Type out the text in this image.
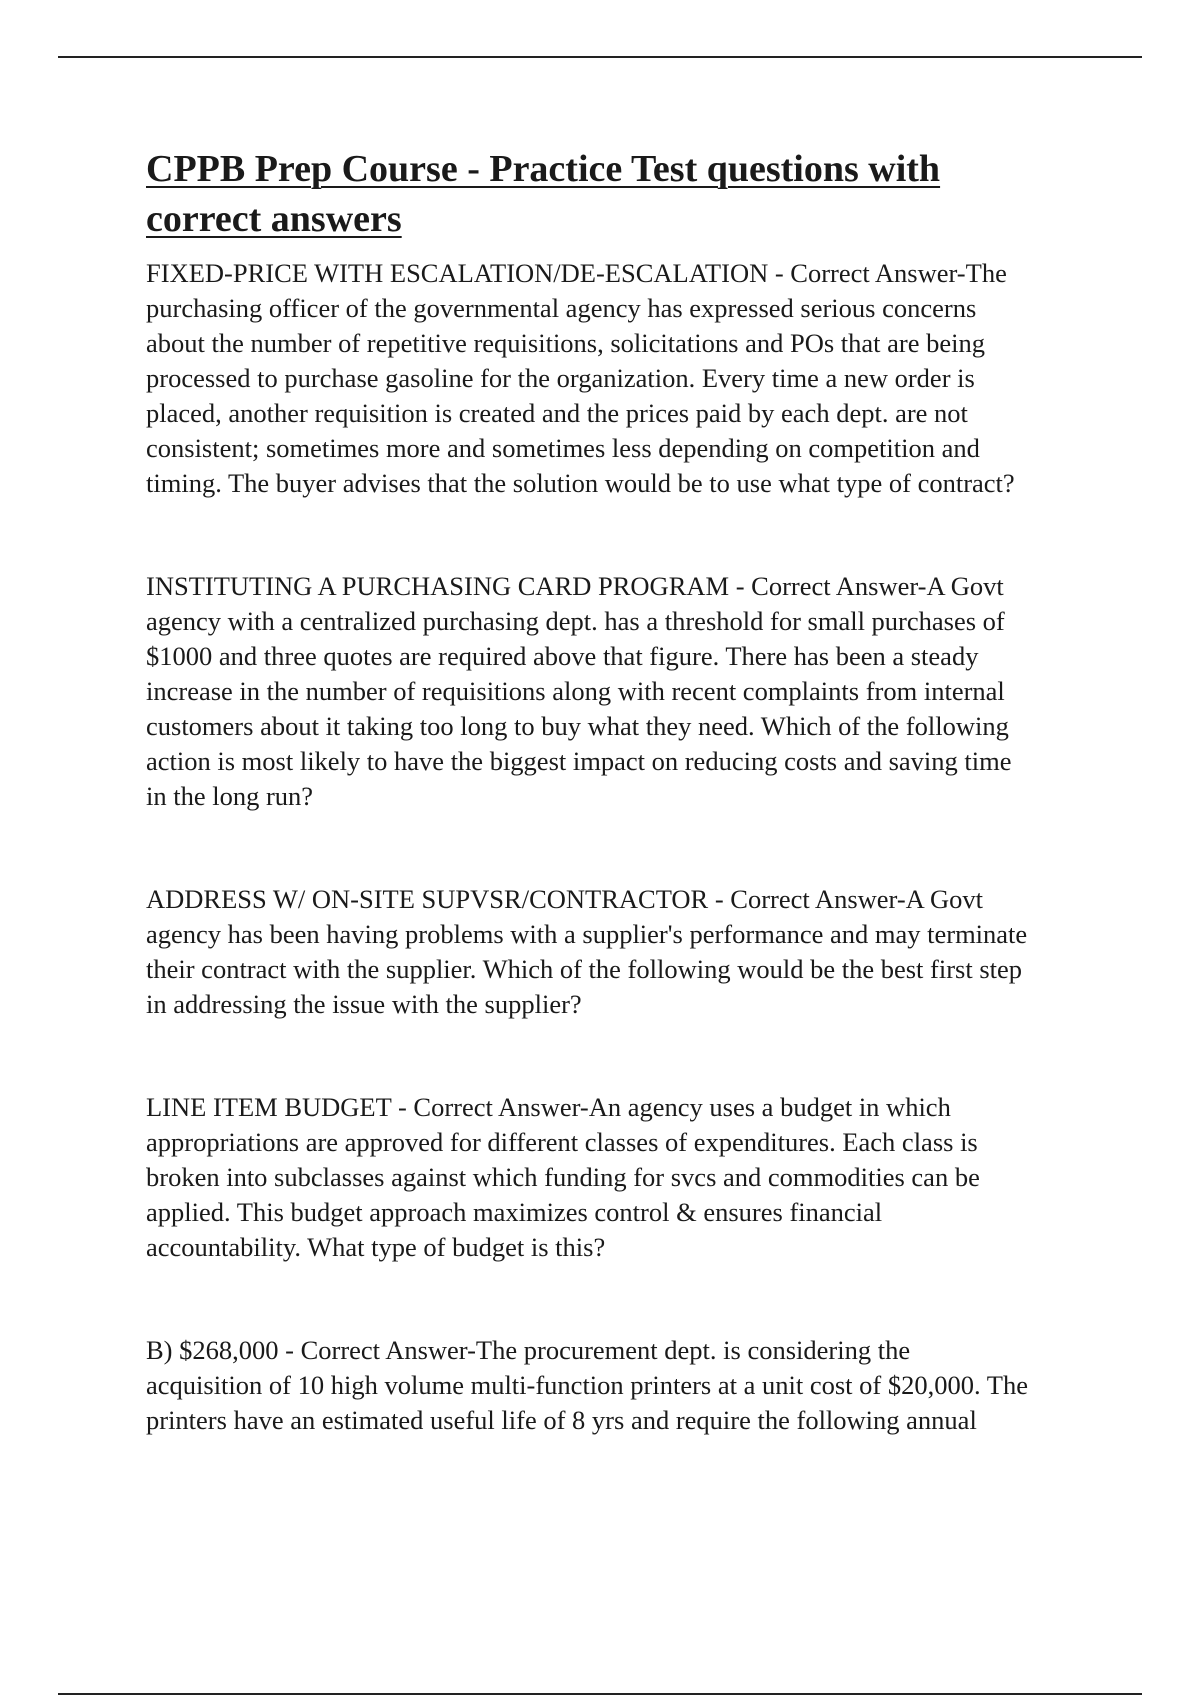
CPPB Prep Course - Practice Test questions with
correct answers

FIXED-PRICE WITH ESCALATION/DE-ESCALATION - Correct Answer-The
purchasing officer of the governmental agency has expressed serious concerns
about the number of repetitive requisitions, solicitations and POs that are being
processed to purchase gasoline for the organization. Every time a new order is
placed, another requisition is created and the prices paid by each dept. are not
consistent; sometimes more and sometimes less depending on competition and
timing. The buyer advises that the solution would be to use what type of contract?

INSTITUTING A PURCHASING CARD PROGRAM - Correct Answer-A Govt
agency with a centralized purchasing dept. has a threshold for small purchases of
$1000 and three quotes are required above that figure. There has been a steady
increase in the number of requisitions along with recent complaints from internal
customers about it taking too long to buy what they need. Which of the following
action is most likely to have the biggest impact on reducing costs and saving time
in the long run?

ADDRESS W/ ON-SITE SUPVSR/CONTRACTOR - Correct Answer-A Govt
agency has been having problems with a supplier's performance and may terminate
their contract with the supplier. Which of the following would be the best first step
in addressing the issue with the supplier?

LINE ITEM BUDGET - Correct Answer-An agency uses a budget in which
appropriations are approved for different classes of expenditures. Each class is
broken into subclasses against which funding for svcs and commodities can be
applied. This budget approach maximizes control & ensures financial
accountability. What type of budget is this?

B) $268,000 - Correct Answer-The procurement dept. is considering the
acquisition of 10 high volume multi-function printers at a unit cost of $20,000. The
printers have an estimated useful life of 8 yrs and require the following annual
